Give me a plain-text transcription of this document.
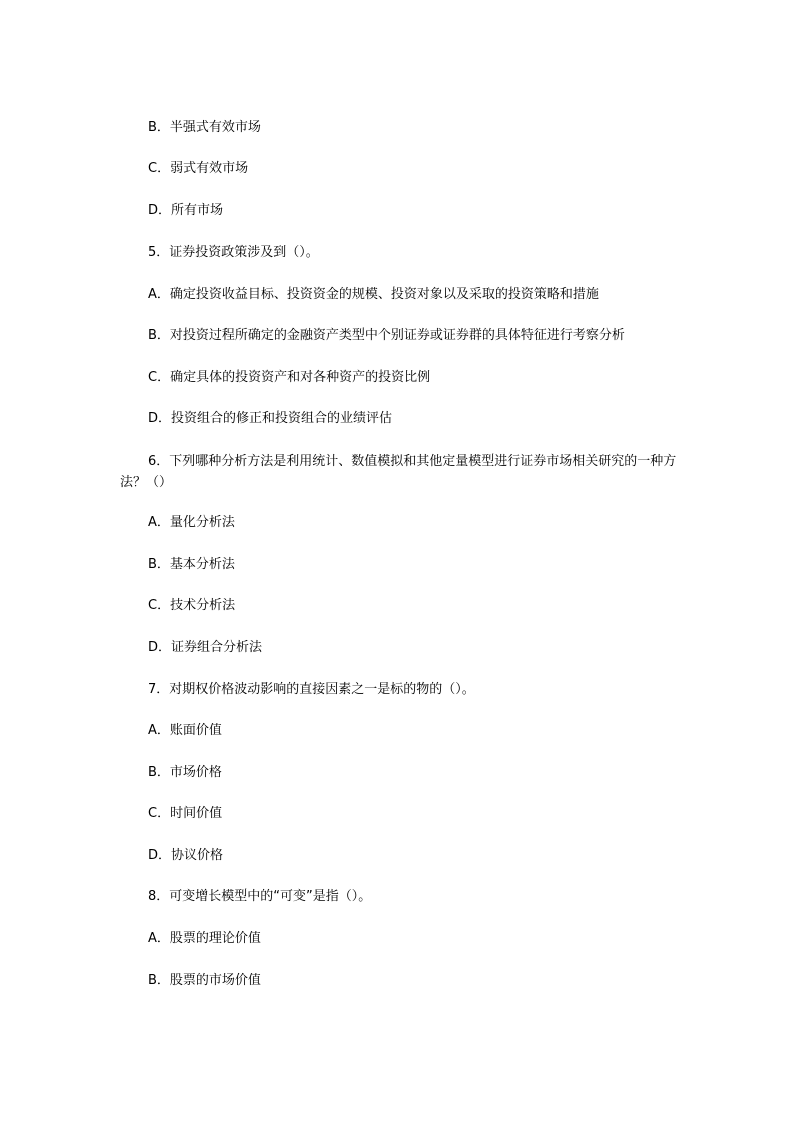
B．半强式有效市场
C．弱式有效市场
D．所有市场
5．证券投资政策涉及到（）。
A．确定投资收益目标、投资资金的规模、投资对象以及采取的投资策略和措施
B．对投资过程所确定的金融资产类型中个别证券或证券群的具体特征进行考察分析
C．确定具体的投资资产和对各种资产的投资比例
D．投资组合的修正和投资组合的业绩评估
6．下列哪种分析方法是利用统计、数值模拟和其他定量模型进行证券市场相关研究的一种方法？（）
A．量化分析法
B．基本分析法
C．技术分析法
D．证券组合分析法
7．对期权价格波动影响的直接因素之一是标的物的（）。
A．账面价值
B．市场价格
C．时间价值
D．协议价格
8．可变增长模型中的“可变”是指（）。
A．股票的理论价值
B．股票的市场价值
